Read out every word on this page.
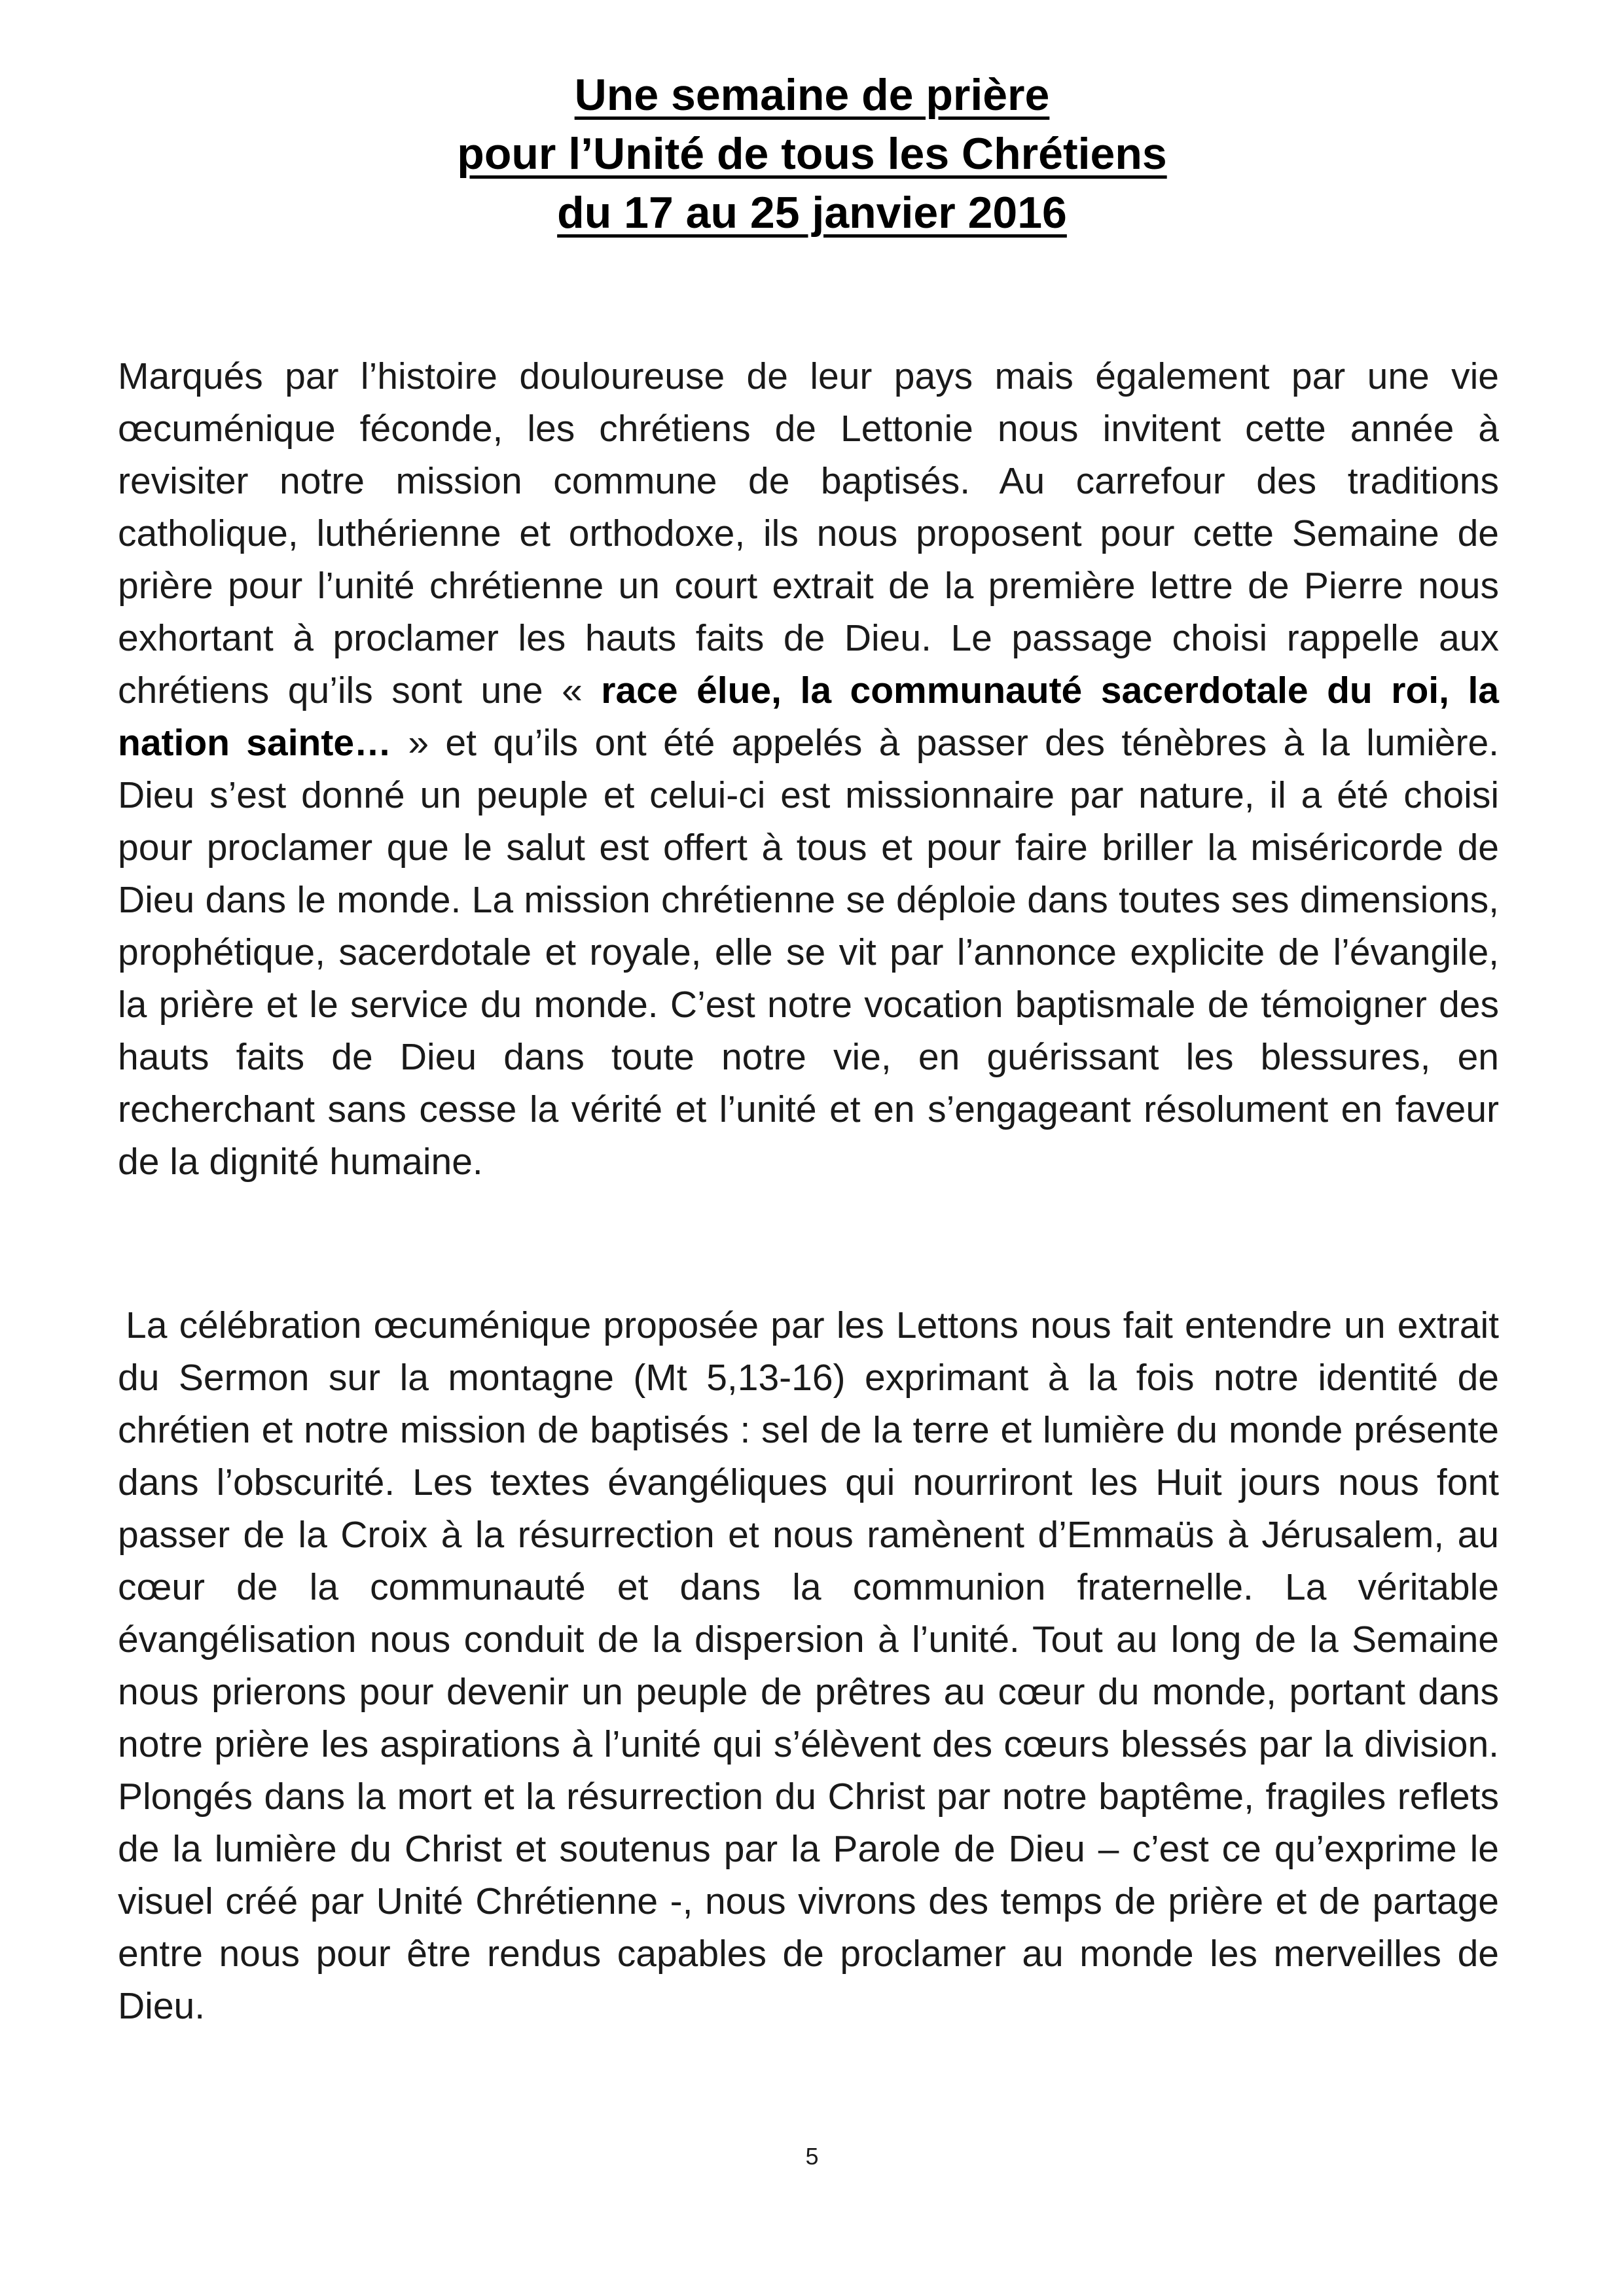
Une semaine de prière
pour l’Unité de tous les Chrétiens
du 17 au 25 janvier 2016

Marqués par l’histoire douloureuse de leur pays mais également par une vie œcuménique féconde, les chrétiens de Lettonie nous invitent cette année à revisiter notre mission commune de baptisés. Au carrefour des traditions catholique, luthérienne et orthodoxe, ils nous proposent pour cette Semaine de prière pour l’unité chrétienne un court extrait de la première lettre de Pierre nous exhortant à proclamer les hauts faits de Dieu. Le passage choisi rappelle aux chrétiens qu’ils sont une « race élue, la communauté sacerdotale du roi, la nation sainte… » et qu’ils ont été appelés à passer des ténèbres à la lumière. Dieu s’est donné un peuple et celui-ci est missionnaire par nature, il a été choisi pour proclamer que le salut est offert à tous et pour faire briller la miséricorde de Dieu dans le monde. La mission chrétienne se déploie dans toutes ses dimensions, prophétique, sacerdotale et royale, elle se vit par l’annonce explicite de l’évangile, la prière et le service du monde. C’est notre vocation baptismale de témoigner des hauts faits de Dieu dans toute notre vie, en guérissant les blessures, en recherchant sans cesse la vérité et l’unité et en s’engageant résolument en faveur de la dignité humaine.

La célébration œcuménique proposée par les Lettons nous fait entendre un extrait du Sermon sur la montagne (Mt 5,13-16) exprimant à la fois notre identité de chrétien et notre mission de baptisés : sel de la terre et lumière du monde présente dans l’obscurité. Les textes évangéliques qui nourriront les Huit jours nous font passer de la Croix à la résurrection et nous ramènent d’Emmaüs à Jérusalem, au cœur de la communauté et dans la communion fraternelle. La véritable évangélisation nous conduit de la dispersion à l’unité. Tout au long de la Semaine nous prierons pour devenir un peuple de prêtres au cœur du monde, portant dans notre prière les aspirations à l’unité qui s’élèvent des cœurs blessés par la division. Plongés dans la mort et la résurrection du Christ par notre baptême, fragiles reflets de la lumière du Christ et soutenus par la Parole de Dieu – c’est ce qu’exprime le visuel créé par Unité Chrétienne -, nous vivrons des temps de prière et de partage entre nous pour être rendus capables de proclamer au monde les merveilles de Dieu.

5
